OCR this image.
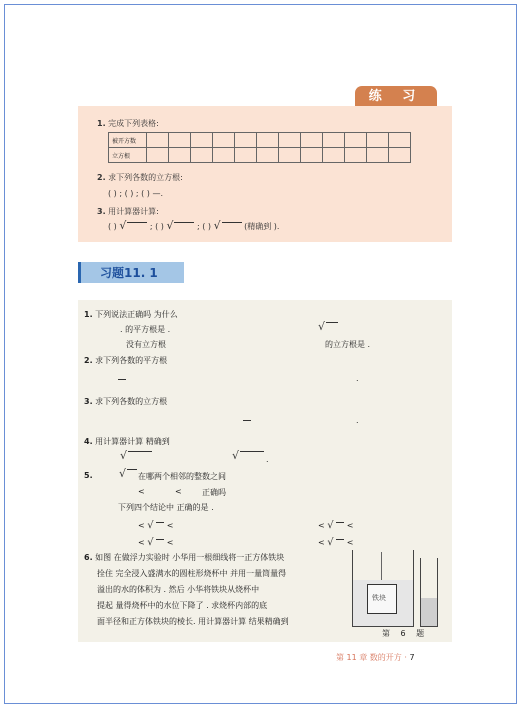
练 习
1. 完成下列表格:
被开方数												
立方根												
2. 求下列各数的立方根:
( ) ; ( ) ; ( ) —.
3. 用计算器计算:
( ) √	; ( ) √	; ( ) √	(精确到 ).
习题11. 1
1. 下列说法正确吗 为什么
. 的平方根是 .	√
没有立方根	的立方根是 .
2. 求下列各数的平方根
.
3. 求下列各数的立方根
.
4. 用计算器计算 精确到
√	√	.
5. √ 在哪两个相邻的整数之间
<	<	正确吗
下列四个结论中 正确的是 .
< √ <	< √ <
< √ <	< √ <
6. 如图 在做浮力实验时 小华用一根细线将一正方体铁块
拴住 完全浸入盛满水的圆柱形烧杯中 并用一量筒量得
溢出的水的体积为 . 然后 小华将铁块从烧杯中
提起 量得烧杯中的水位下降了 . 求烧杯内部的底
面半径和正方体铁块的棱长. 用计算器计算 结果精确到
铁块
第 6 题
第 11 章 数的开方 · 7
